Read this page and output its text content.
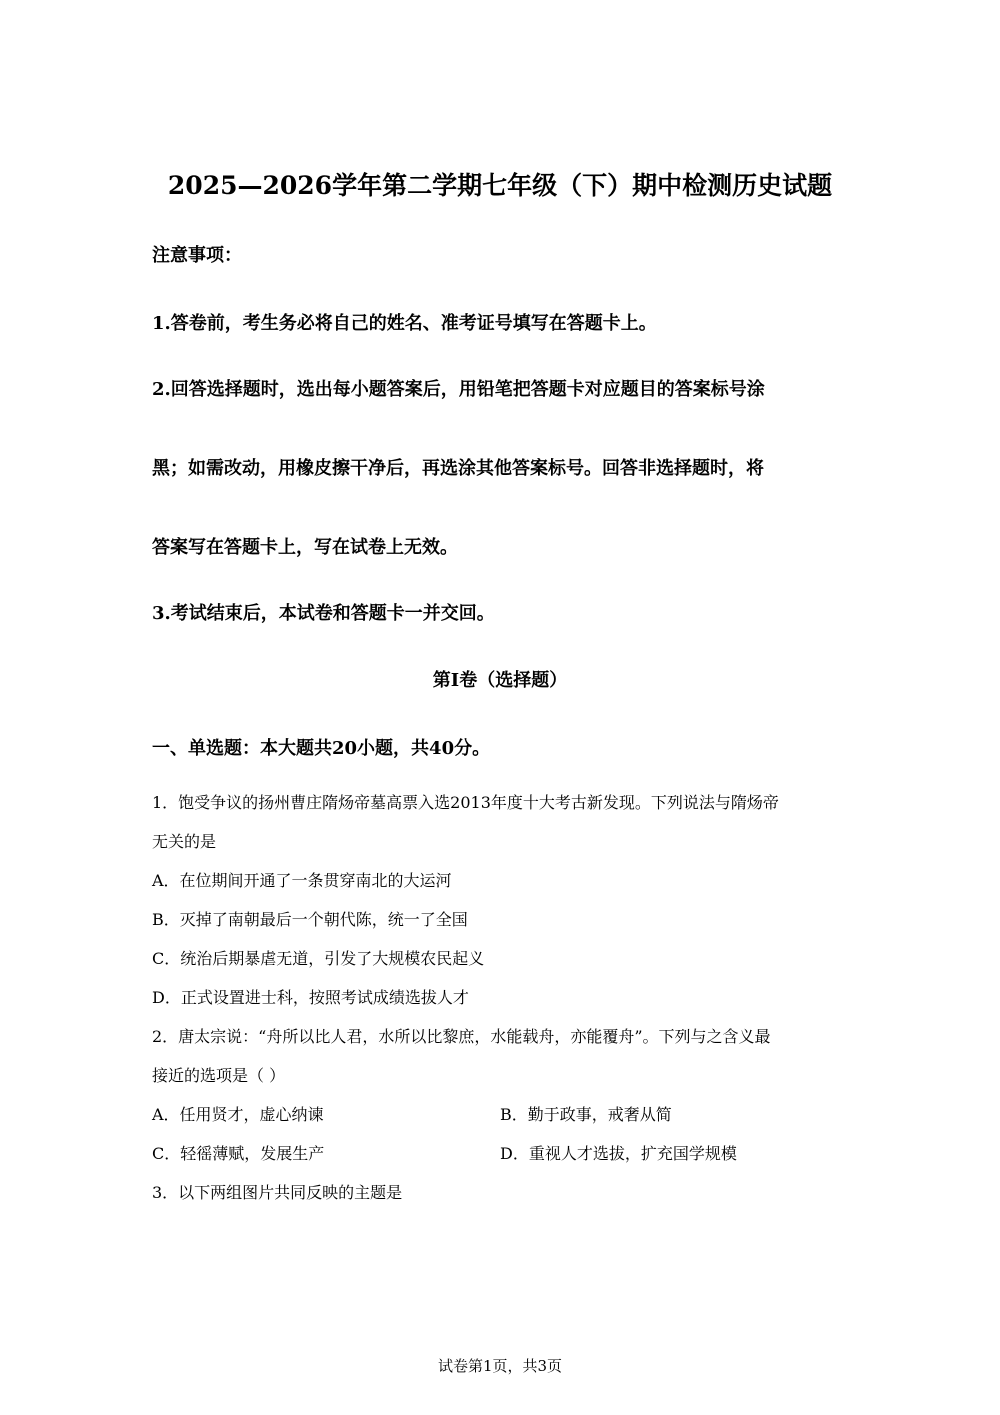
2025—2026学年第二学期七年级（下）期中检测历史试题
注意事项：
1.答卷前，考生务必将自己的姓名、准考证号填写在答题卡上。
2.回答选择题时，选出每小题答案后，用铅笔把答题卡对应题目的答案标号涂
黑；如需改动，用橡皮擦干净后，再选涂其他答案标号。回答非选择题时，将
答案写在答题卡上，写在试卷上无效。
3.考试结束后，本试卷和答题卡一并交回。
第Ⅰ卷（选择题）
一、单选题：本大题共20小题，共40分。
1．饱受争议的扬州曹庄隋炀帝墓高票入选2013年度十大考古新发现。下列说法与隋炀帝
无关的是
A．在位期间开通了一条贯穿南北的大运河
B．灭掉了南朝最后一个朝代陈，统一了全国
C．统治后期暴虐无道，引发了大规模农民起义
D．正式设置进士科，按照考试成绩选拔人才
2．唐太宗说：“舟所以比人君，水所以比黎庶，水能载舟，亦能覆舟”。下列与之含义最
接近的选项是（ ）
A．任用贤才，虚心纳谏	B．勤于政事，戒奢从简
C．轻徭薄赋，发展生产	D．重视人才选拔，扩充国学规模
3．以下两组图片共同反映的主题是
试卷第1页，共3页
